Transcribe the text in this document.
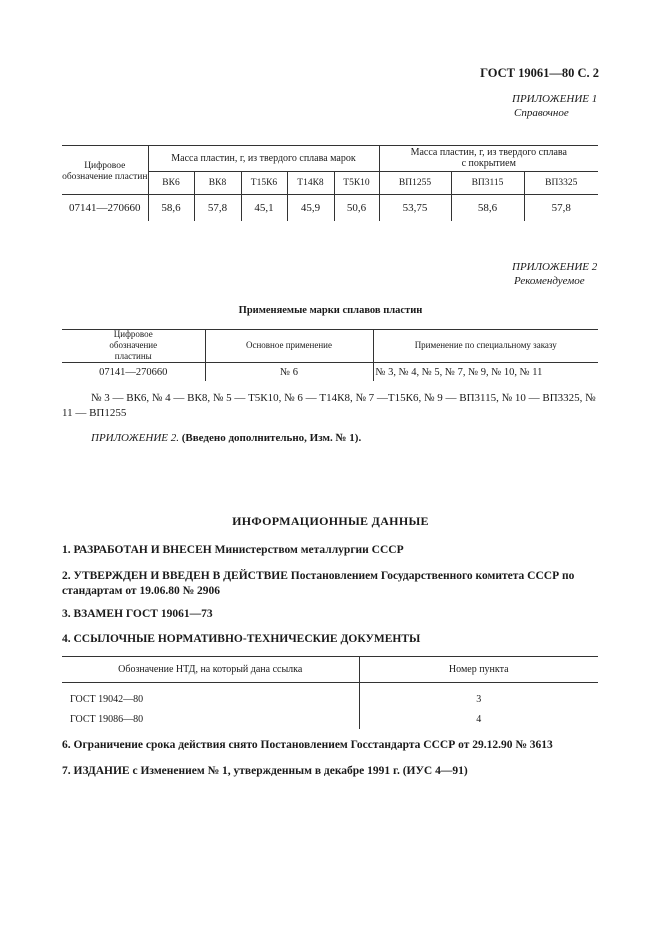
ГОСТ 19061—80 С. 2
ПРИЛОЖЕНИЕ 1
Справочное
Цифровое обозначение пластин	Масса пластин, г, из твердого сплава марок					Масса пластин, г, из твердого сплава с покрытием		
	ВК6	ВК8	Т15К6	Т14К8	Т5К10	ВП1255	ВП3115	ВП3325
07141—270660	58,6	57,8	45,1	45,9	50,6	53,75	58,6	57,8
ПРИЛОЖЕНИЕ 2
Рекомендуемое
Применяемые марки сплавов пластин
Цифровое обозначение пластины	Основное применение	Применение по специальному заказу
07141—270660	№ 6	№ 3, № 4, № 5, № 7, № 9, № 10, № 11
№ 3 — ВК6, № 4 — ВК8, № 5 — Т5К10, № 6 — Т14К8, № 7 —Т15К6, № 9 — ВП3115, № 10 — ВП3325, № 11 — ВП1255
ПРИЛОЖЕНИЕ 2. (Введено дополнительно, Изм. № 1).
ИНФОРМАЦИОННЫЕ ДАННЫЕ
1. РАЗРАБОТАН И ВНЕСЕН Министерством металлургии СССР
2. УТВЕРЖДЕН И ВВЕДЕН В ДЕЙСТВИЕ Постановлением Государственного комитета СССР по стандартам от 19.06.80 № 2906
3. ВЗАМЕН ГОСТ 19061—73
4. ССЫЛОЧНЫЕ НОРМАТИВНО-ТЕХНИЧЕСКИЕ ДОКУМЕНТЫ
Обозначение НТД, на который дана ссылка	Номер пункта
ГОСТ 19042—80	3
ГОСТ 19086—80	4
6. Ограничение срока действия снято Постановлением Госстандарта СССР от 29.12.90 № 3613
7. ИЗДАНИЕ с Изменением № 1, утвержденным в декабре 1991 г. (ИУС 4—91)
